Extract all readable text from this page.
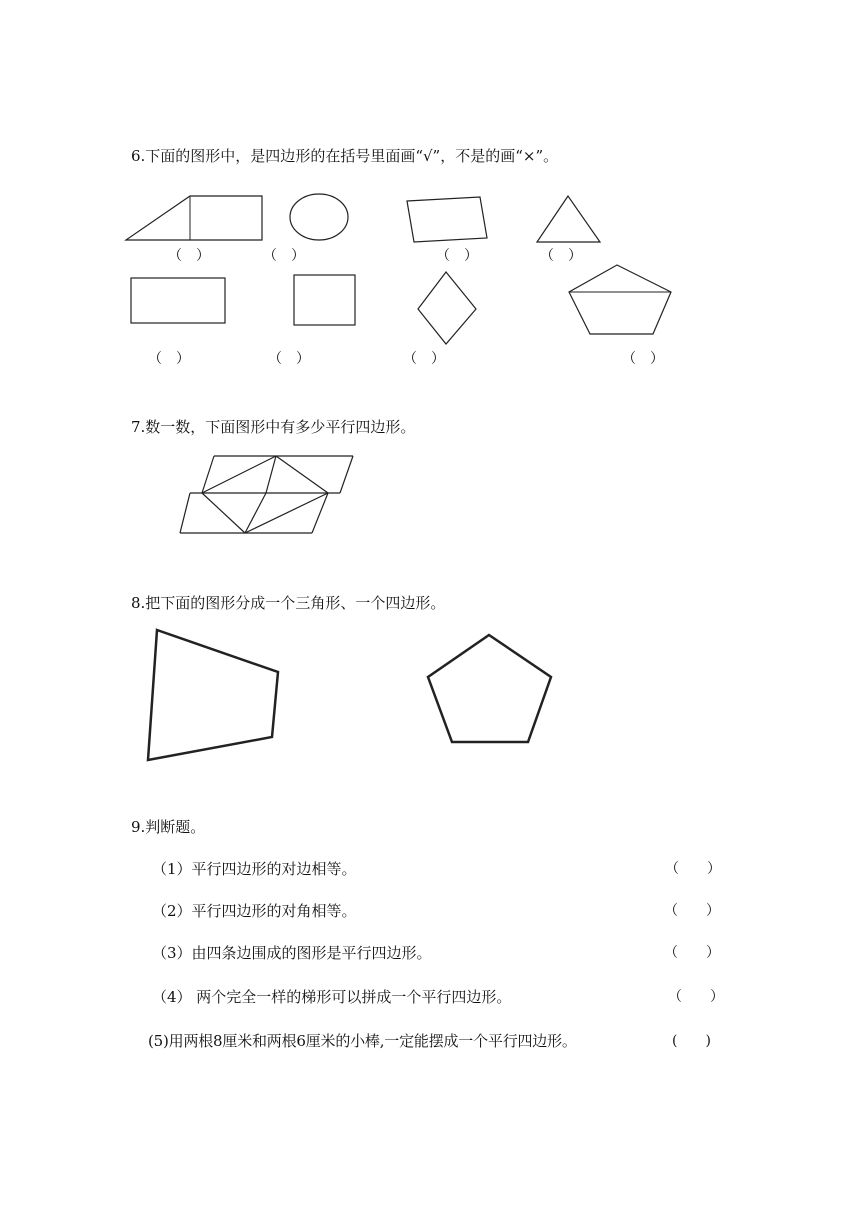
6.下面的图形中，是四边形的在括号里面画“√”，不是的画“×”。
（　）	（　）	（　）	（　）
（　）	（　）	（　）	（　）
7.数一数，下面图形中有多少平行四边形。
8.把下面的图形分成一个三角形、一个四边形。
9.判断题。
（1）平行四边形的对边相等。	（　　）
（2）平行四边形的对角相等。	（　　）
（3）由四条边围成的图形是平行四边形。	（　　）
（4） 两个完全一样的梯形可以拼成一个平行四边形。	（　　）
(5)用两根8厘米和两根6厘米的小棒,一定能摆成一个平行四边形。	(　　)
